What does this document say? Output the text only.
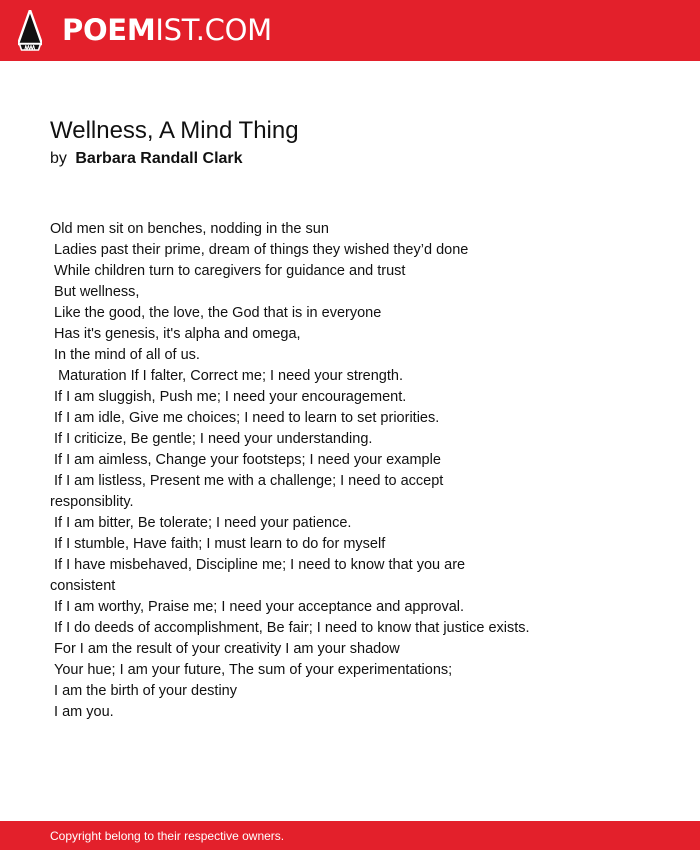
POEMIST.COM
Wellness, A Mind Thing
by Barbara Randall Clark
Old men sit on benches, nodding in the sun
Ladies past their prime, dream of things they wished they’d done
While children turn to caregivers for guidance and trust
But wellness,
Like the good, the love, the God that is in everyone
Has it's genesis, it's alpha and omega,
In the mind of all of us.
Maturation If I falter, Correct me; I need your strength.
If I am sluggish, Push me; I need your encouragement.
If I am idle, Give me choices; I need to learn to set priorities.
If I criticize, Be gentle; I need your understanding.
If I am aimless, Change your footsteps; I need your example
If I am listless, Present me with a challenge; I need to accept responsiblity.
If I am bitter, Be tolerate; I need your patience.
If I stumble, Have faith; I must learn to do for myself
If I have misbehaved, Discipline me; I need to know that you are consistent
If I am worthy, Praise me; I need your acceptance and approval.
If I do deeds of accomplishment, Be fair; I need to know that justice exists.
For I am the result of your creativity I am your shadow
Your hue; I am your future, The sum of your experimentations;
I am the birth of your destiny
I am you.
Copyright belong to their respective owners.
